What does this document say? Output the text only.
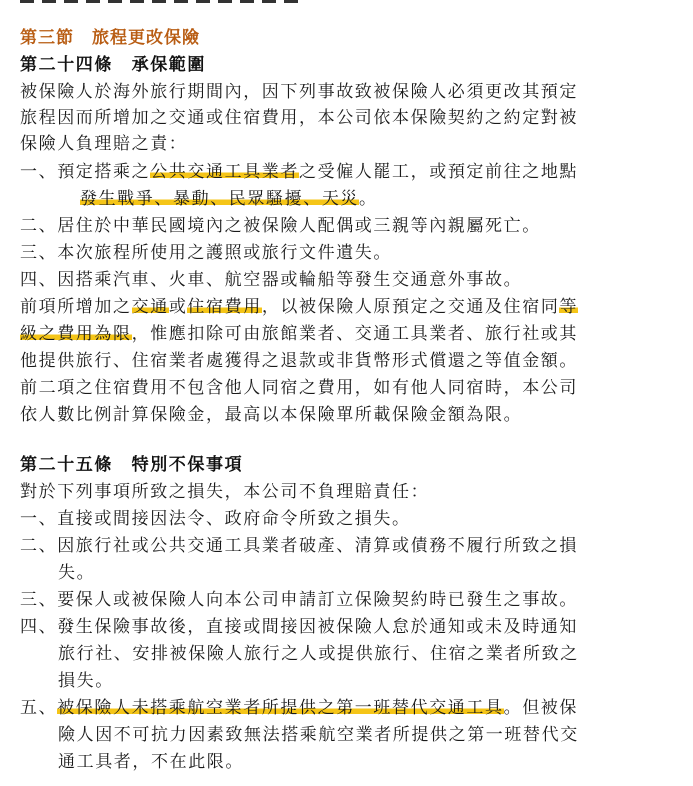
第三節　旅程更改保險
第二十四條　承保範圍
被保險人於海外旅行期間內，因下列事故致被保險人必須更改其預定
旅程因而所增加之交通或住宿費用，本公司依本保險契約之約定對被
保險人負理賠之責：
一、預定搭乘之公共交通工具業者之受僱人罷工，或預定前往之地點
發生戰爭、暴動、民眾騷擾、天災。
二、居住於中華民國境內之被保險人配偶或三親等內親屬死亡。
三、本次旅程所使用之護照或旅行文件遺失。
四、因搭乘汽車、火車、航空器或輪船等發生交通意外事故。
前項所增加之交通或住宿費用，以被保險人原預定之交通及住宿同等
級之費用為限，惟應扣除可由旅館業者、交通工具業者、旅行社或其
他提供旅行、住宿業者處獲得之退款或非貨幣形式償還之等值金額。
前二項之住宿費用不包含他人同宿之費用，如有他人同宿時，本公司
依人數比例計算保險金，最高以本保險單所載保險金額為限。
第二十五條　特別不保事項
對於下列事項所致之損失，本公司不負理賠責任：
一、直接或間接因法令、政府命令所致之損失。
二、因旅行社或公共交通工具業者破產、清算或債務不履行所致之損
失。
三、要保人或被保險人向本公司申請訂立保險契約時已發生之事故。
四、發生保險事故後，直接或間接因被保險人怠於通知或未及時通知
旅行社、安排被保險人旅行之人或提供旅行、住宿之業者所致之
損失。
五、被保險人未搭乘航空業者所提供之第一班替代交通工具。但被保
險人因不可抗力因素致無法搭乘航空業者所提供之第一班替代交
通工具者，不在此限。
